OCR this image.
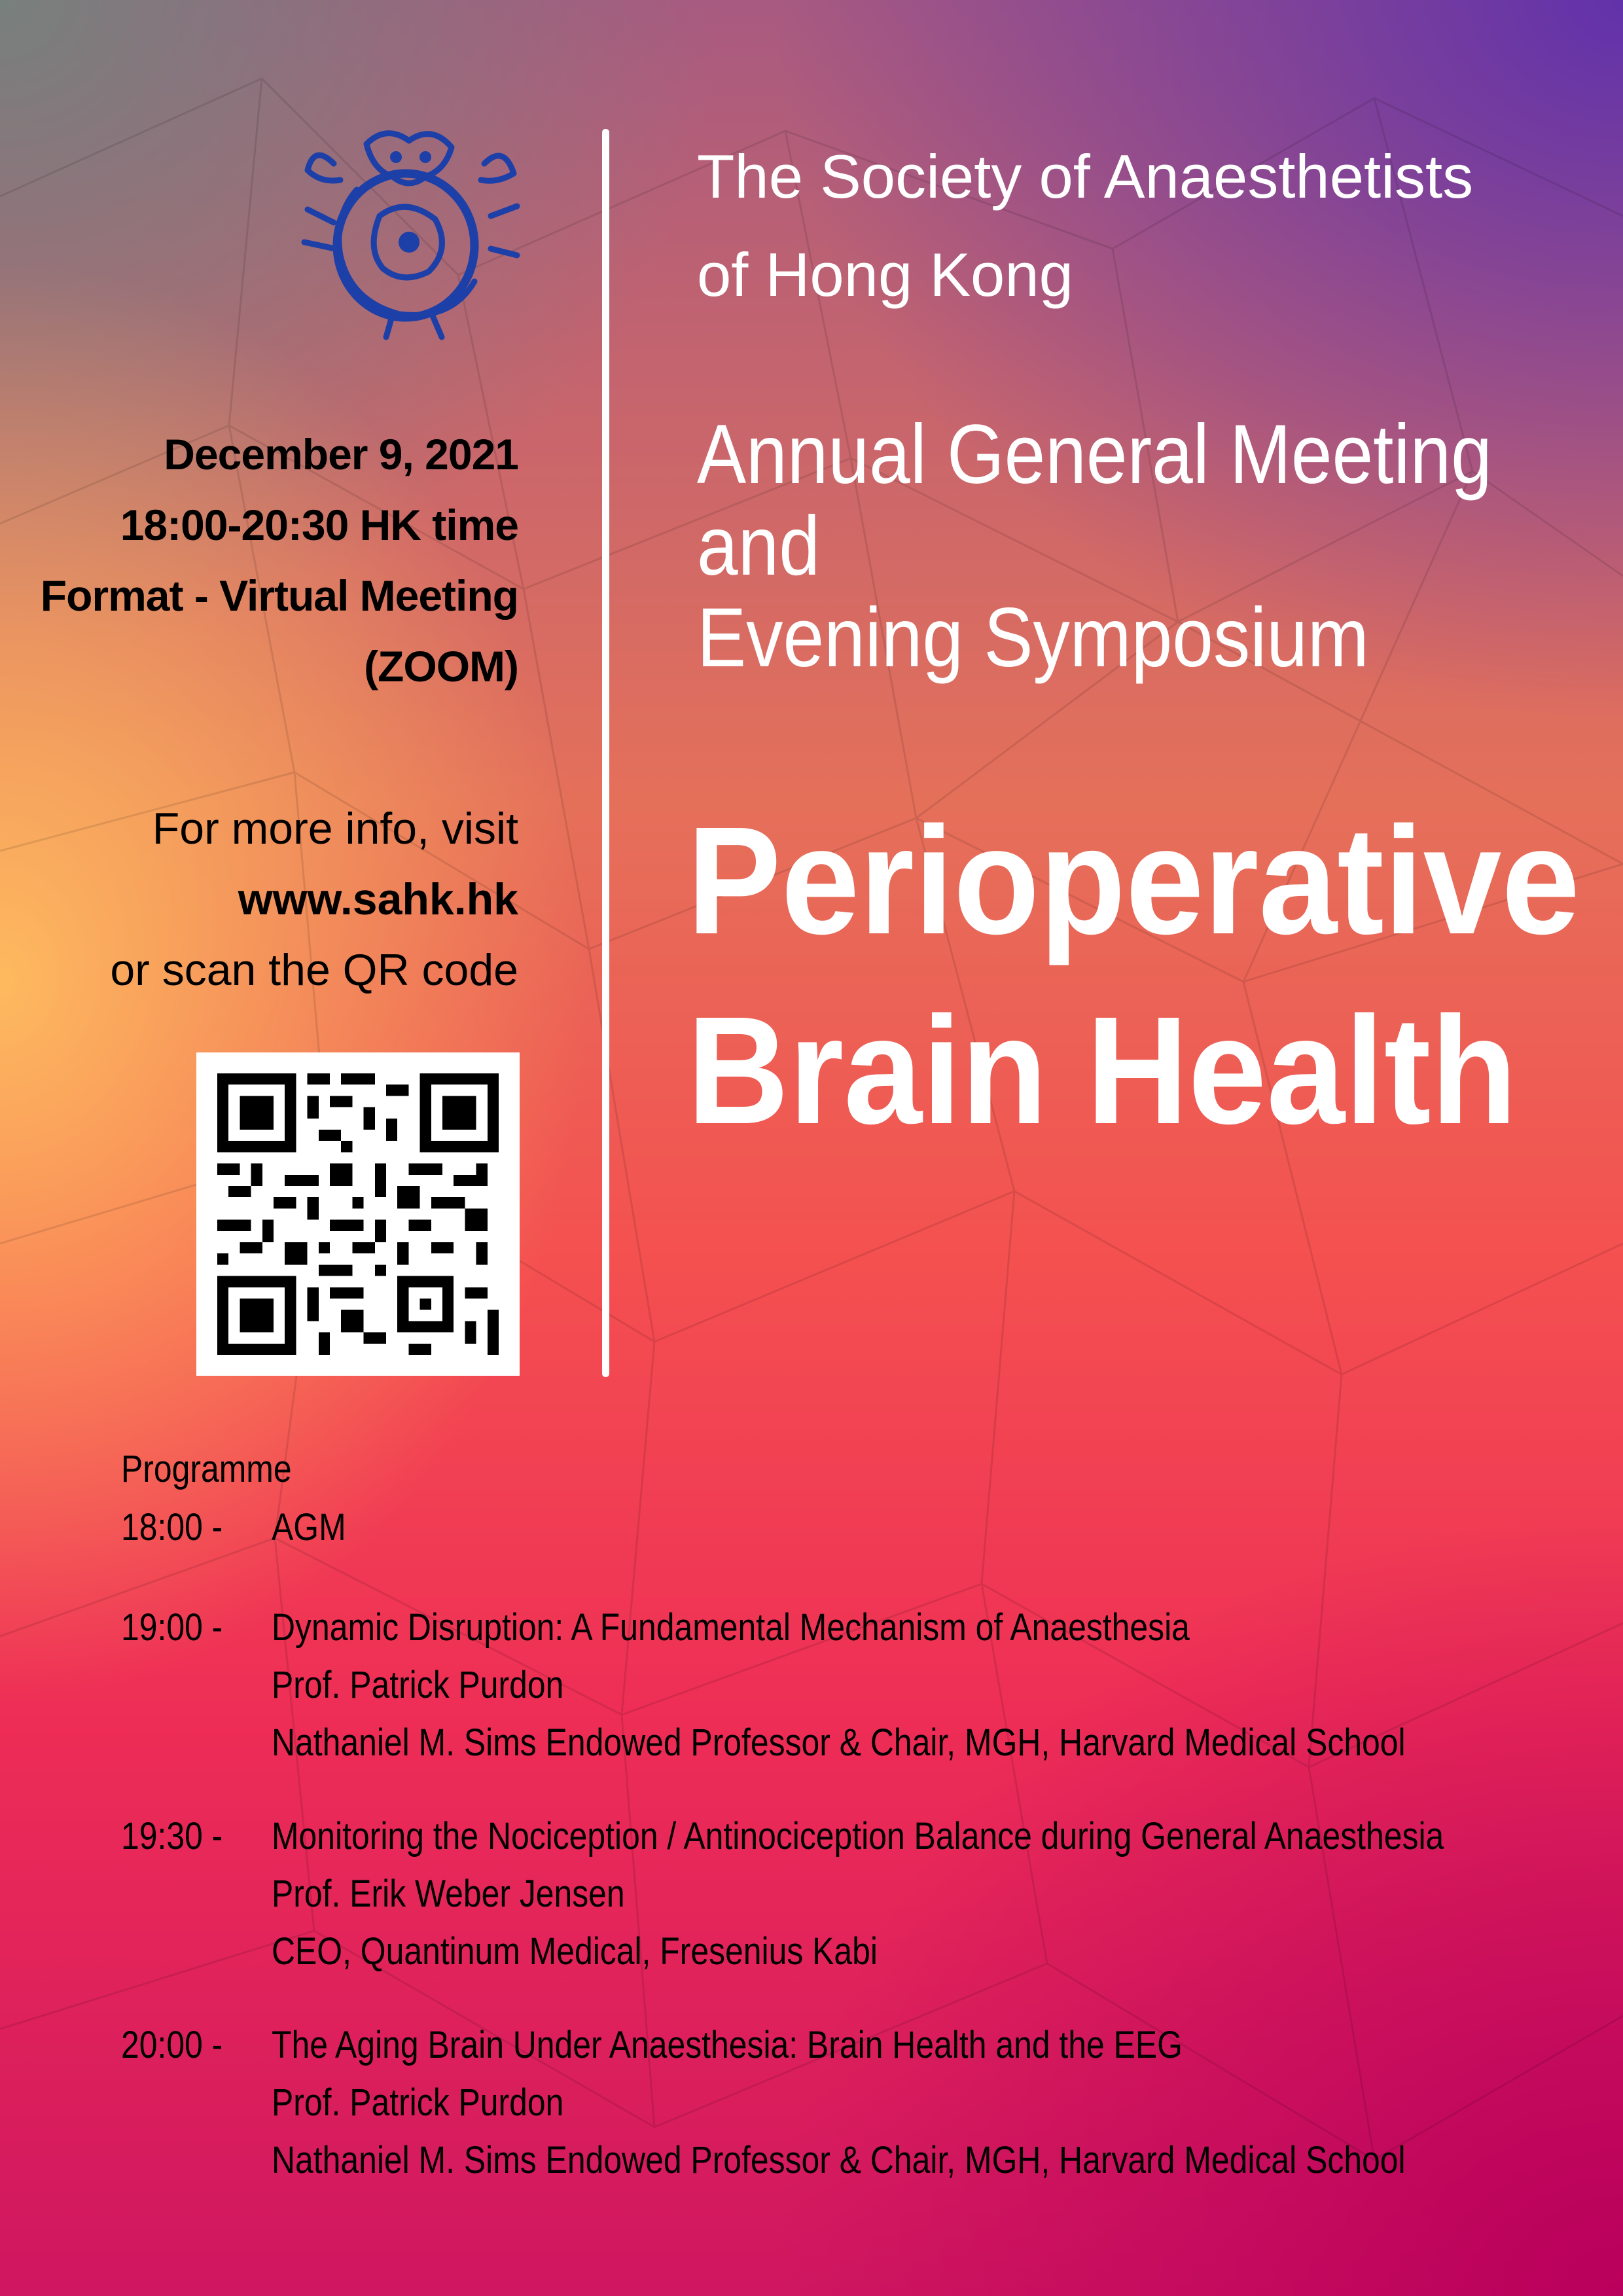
December 9, 2021
18:00-20:30 HK time
Format - Virtual Meeting
(ZOOM)
For more info, visit
www.sahk.hk
or scan the QR code
The Society of Anaesthetists
of Hong Kong
Annual General Meeting
and
Evening Symposium
Perioperative
Brain Health
Programme
18:00 -	AGM
19:00 -	Dynamic Disruption: A Fundamental Mechanism of Anaesthesia
Prof. Patrick Purdon
Nathaniel M. Sims Endowed Professor & Chair, MGH, Harvard Medical School
19:30 -	Monitoring the Nociception / Antinociception Balance during General Anaesthesia
Prof. Erik Weber Jensen
CEO, Quantinum Medical, Fresenius Kabi
20:00 -	The Aging Brain Under Anaesthesia: Brain Health and the EEG
Prof. Patrick Purdon
Nathaniel M. Sims Endowed Professor & Chair, MGH, Harvard Medical School
